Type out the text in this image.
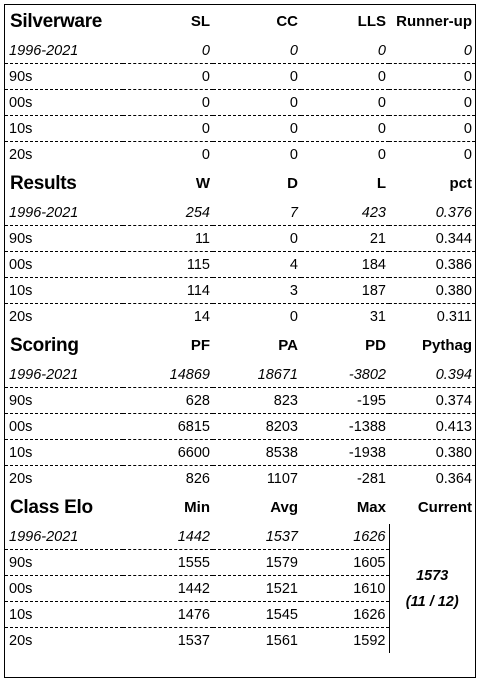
Silverware	SL	CC	LLS	Runner-up
1996-2021	0	0	0	0
90s	0	0	0	0
00s	0	0	0	0
10s	0	0	0	0
20s	0	0	0	0
Results	W	D	L	pct
1996-2021	254	7	423	0.376
90s	11	0	21	0.344
00s	115	4	184	0.386
10s	114	3	187	0.380
20s	14	0	31	0.311
Scoring	PF	PA	PD	Pythag
1996-2021	14869	18671	-3802	0.394
90s	628	823	-195	0.374
00s	6815	8203	-1388	0.413
10s	6600	8538	-1938	0.380
20s	826	1107	-281	0.364
Class Elo	Min	Avg	Max	Current
1996-2021	1442	1537	1626	1573
(11 / 12)

90s	1555	1579	1605	
00s	1442	1521	1610	
10s	1476	1545	1626	
20s	1537	1561	1592	
